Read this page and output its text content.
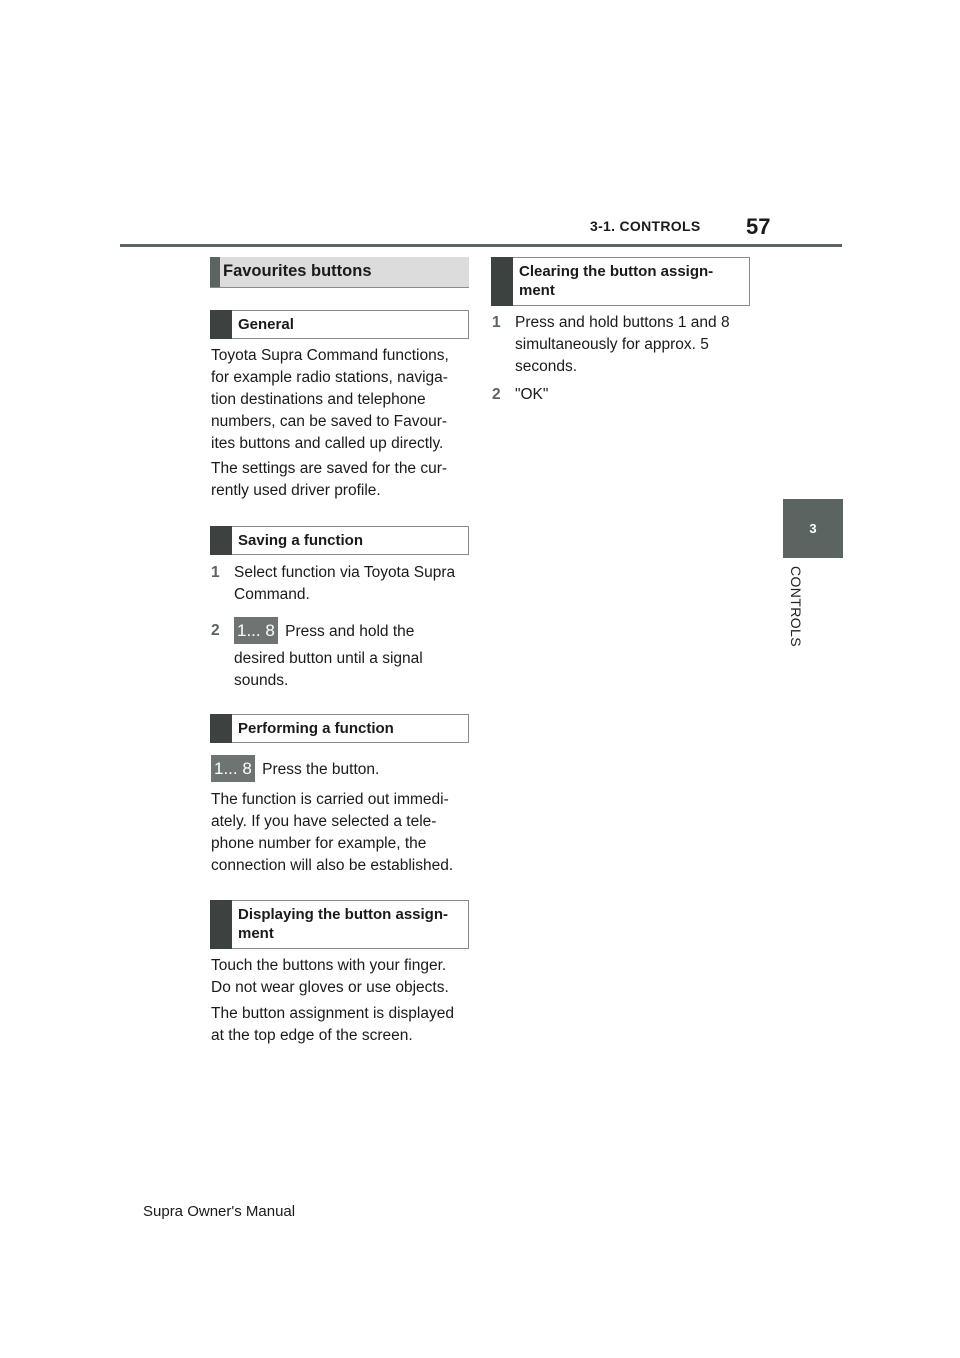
3-1. CONTROLS 57
3
CONTROLS
Favourites buttons
General
Toyota Supra Command functions,
for example radio stations, naviga-
tion destinations and telephone
numbers, can be saved to Favour-
ites buttons and called up directly.
The settings are saved for the cur-
rently used driver profile.
Saving a function
1 Select function via Toyota Supra
Command.
2 1... 8 Press and hold the
desired button until a signal
sounds.
Performing a function
1... 8 Press the button.
The function is carried out immedi-
ately. If you have selected a tele-
phone number for example, the
connection will also be established.
Displaying the button assign-
ment
Touch the buttons with your finger.
Do not wear gloves or use objects.
The button assignment is displayed
at the top edge of the screen.
Clearing the button assign-
ment
1 Press and hold buttons 1 and 8
simultaneously for approx. 5
seconds.
2 "OK"
Supra Owner's Manual
